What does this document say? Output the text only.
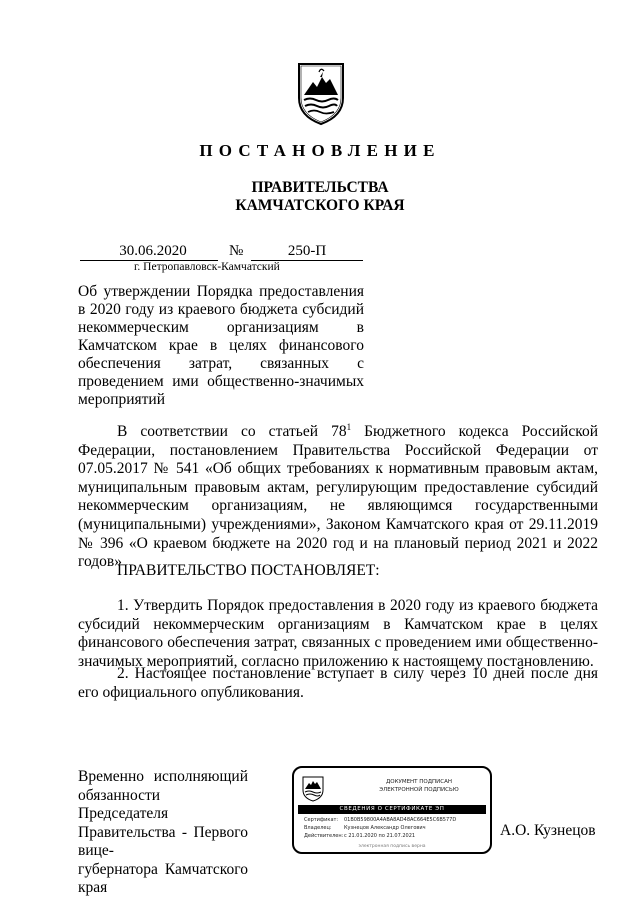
ПОСТАНОВЛЕНИЕ
ПРАВИТЕЛЬСТВА
КАМЧАТСКОГО КРАЯ
30.06.2020	№	250-П
г. Петропавловск-Камчатский
Об утверждении Порядка предоставления в 2020 году из краевого бюджета субсидий некоммерческим организациям в Камчатском крае в целях финансового обеспечения затрат, связанных с проведением ими общественно-значимых мероприятий
В соответствии со статьей $78^1$ Бюджетного кодекса Российской Федерации, постановлением Правительства Российской Федерации от 07.05.2017 № 541 «Об общих требованиях к нормативным правовым актам, муниципальным правовым актам, регулирующим предоставление субсидий некоммерческим организациям, не являющимся государственными (муниципальными) учреждениями», Законом Камчатского края от 29.11.2019 № 396 «О краевом бюджете на 2020 год и на плановый период 2021 и 2022 годов»
ПРАВИТЕЛЬСТВО ПОСТАНОВЛЯЕТ:
1. Утвердить Порядок предоставления в 2020 году из краевого бюджета субсидий некоммерческим организациям в Камчатском крае в целях финансового обеспечения затрат, связанных с проведением ими общественно-значимых мероприятий, согласно приложению к настоящему постановлению.
2. Настоящее постановление вступает в силу через 10 дней после дня его официального опубликования.
Временно исполняющий
обязанности Председателя
Правительства - Первого вице-
губернатора Камчатского края
ДОКУМЕНТ ПОДПИСАН
ЭЛЕКТРОННОЙ ПОДПИСЬЮ
СВЕДЕНИЯ О СЕРТИФИКАТЕ ЭП
Сертификат:	01B0B59800A4ABA8AD48AC664E5C6B577D
Владелец:	Кузнецов Александр Олегович
Действителен: с 21.01.2020 по 21.07.2021
электронная подпись верна
А.О. Кузнецов
